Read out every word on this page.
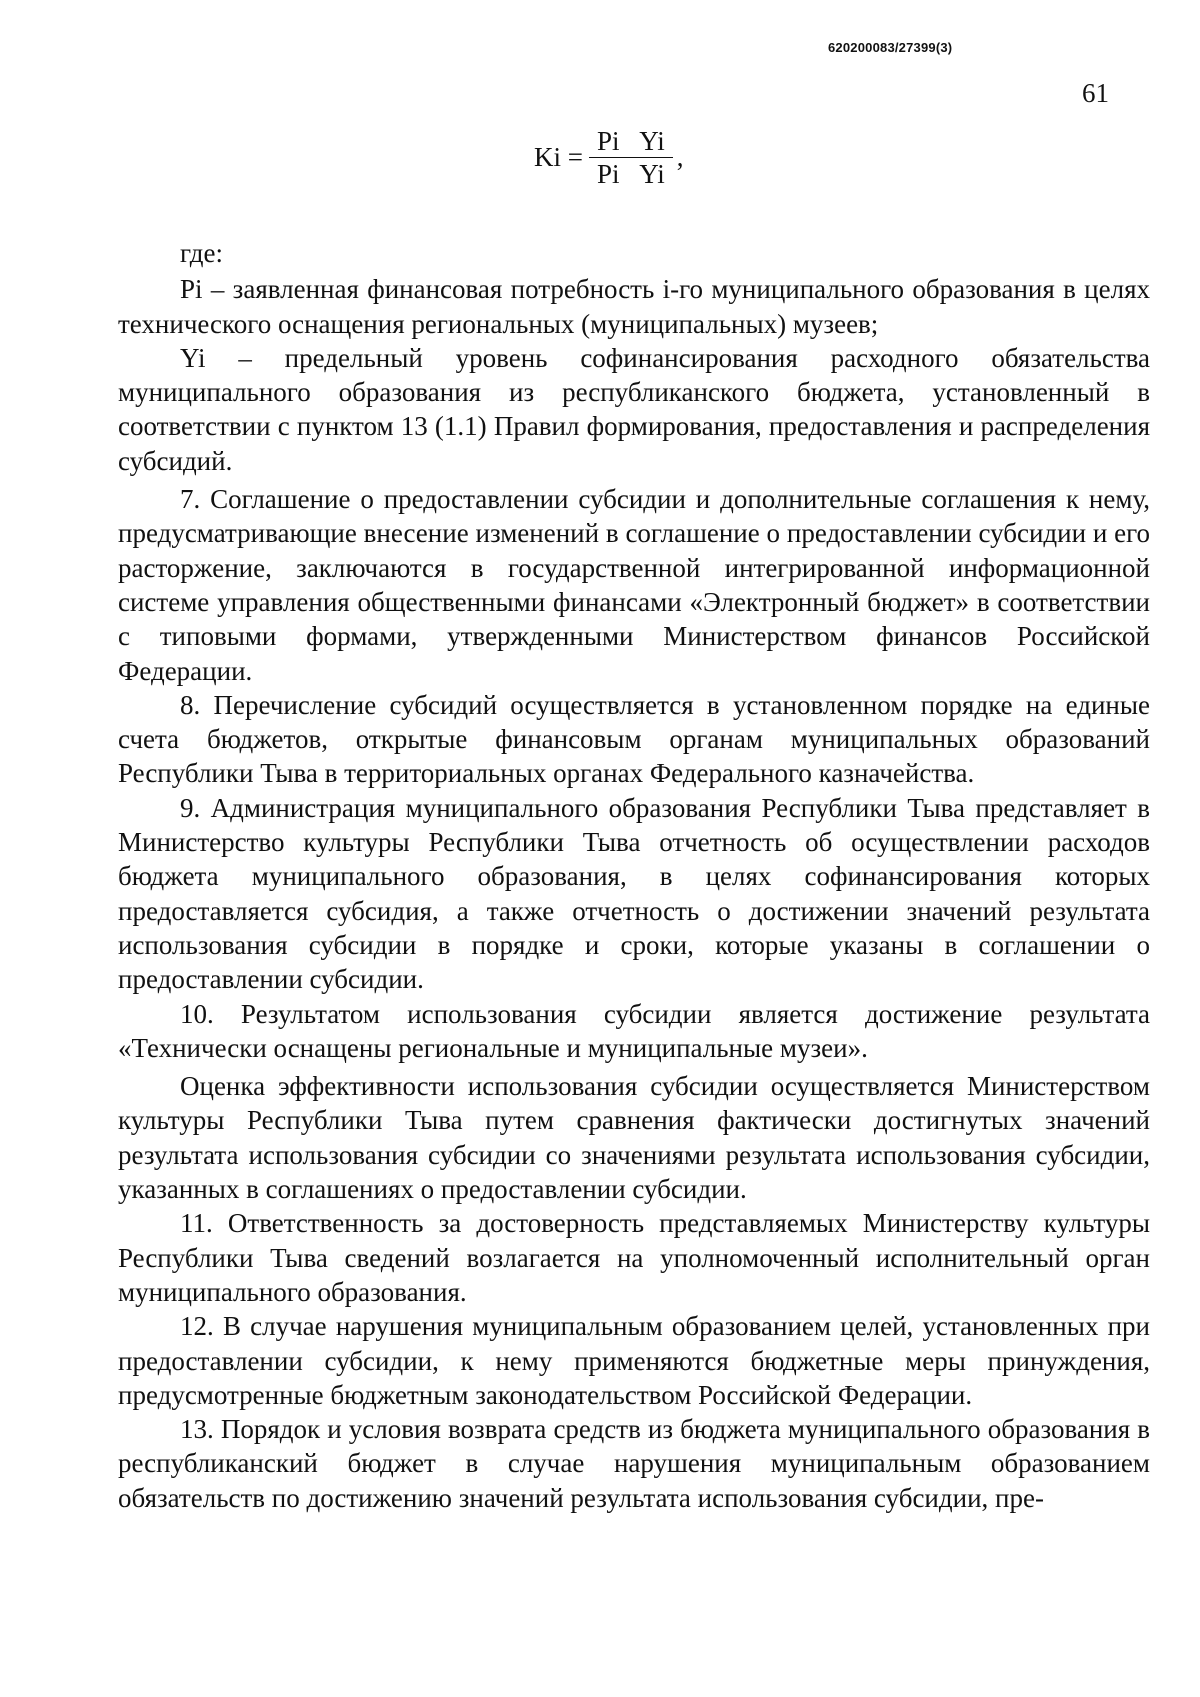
620200083/27399(3)
61
$Ki = \frac{\text{Pi Yi}}{\text{Pi Yi}}$ ,

где:

Pi – заявленная финансовая потребность i-го муниципального образования в целях технического оснащения региональных (муниципальных) музеев;

Yi – предельный уровень софинансирования расходного обязательства муниципального образования из республиканского бюджета, установленный в соответствии с пунктом 13 (1.1) Правил формирования, предоставления и распределения субсидий.

7. Соглашение о предоставлении субсидии и дополнительные соглашения к нему, предусматривающие внесение изменений в соглашение о предоставлении субсидии и его расторжение, заключаются в государственной интегрированной информационной системе управления общественными финансами «Электронный бюджет» в соответствии с типовыми формами, утвержденными Министерством финансов Российской Федерации.

8. Перечисление субсидий осуществляется в установленном порядке на единые счета бюджетов, открытые финансовым органам муниципальных образований Республики Тыва в территориальных органах Федерального казначейства.

9. Администрация муниципального образования Республики Тыва представляет в Министерство культуры Республики Тыва отчетность об осуществлении расходов бюджета муниципального образования, в целях софинансирования которых предоставляется субсидия, а также отчетность о достижении значений результата использования субсидии в порядке и сроки, которые указаны в соглашении о предоставлении субсидии.

10. Результатом использования субсидии является достижение результата «Технически оснащены региональные и муниципальные музеи».

Оценка эффективности использования субсидии осуществляется Министерством культуры Республики Тыва путем сравнения фактически достигнутых значений результата использования субсидии со значениями результата использования субсидии, указанных в соглашениях о предоставлении субсидии.

11. Ответственность за достоверность представляемых Министерству культуры Республики Тыва сведений возлагается на уполномоченный исполнительный орган муниципального образования.

12. В случае нарушения муниципальным образованием целей, установленных при предоставлении субсидии, к нему применяются бюджетные меры принуждения, предусмотренные бюджетным законодательством Российской Федерации.

13. Порядок и условия возврата средств из бюджета муниципального образования в республиканский бюджет в случае нарушения муниципальным образованием обязательств по достижению значений результата использования субсидии, пре-
